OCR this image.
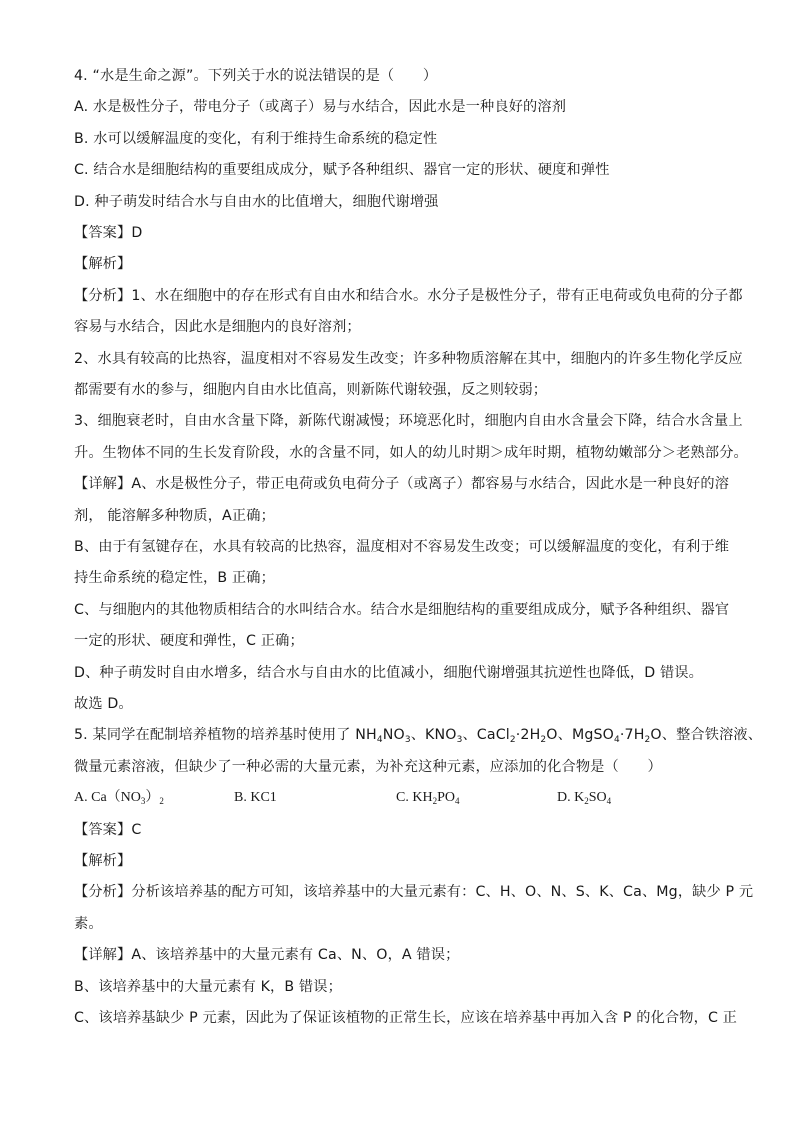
4. “水是生命之源”。下列关于水的说法错误的是（　　）
A. 水是极性分子，带电分子（或离子）易与水结合，因此水是一种良好的溶剂
B. 水可以缓解温度的变化，有利于维持生命系统的稳定性
C. 结合水是细胞结构的重要组成成分，赋予各种组织、器官一定的形状、硬度和弹性
D. 种子萌发时结合水与自由水的比值增大，细胞代谢增强
【答案】D
【解析】
【分析】1、水在细胞中的存在形式有自由水和结合水。水分子是极性分子，带有正电荷或负电荷的分子都
容易与水结合，因此水是细胞内的良好溶剂；
2、水具有较高的比热容，温度相对不容易发生改变；许多种物质溶解在其中，细胞内的许多生物化学反应
都需要有水的参与，细胞内自由水比值高，则新陈代谢较强，反之则较弱；
3、细胞衰老时，自由水含量下降，新陈代谢减慢；环境恶化时，细胞内自由水含量会下降，结合水含量上
升。生物体不同的生长发育阶段，水的含量不同，如人的幼儿时期＞成年时期，植物幼嫩部分＞老熟部分。
【详解】A、水是极性分子，带正电荷或负电荷分子（或离子）都容易与水结合，因此水是一种良好的溶
剂， 能溶解多种物质，A正确；
B、由于有氢键存在，水具有较高的比热容，温度相对不容易发生改变；可以缓解温度的变化，有利于维
持生命系统的稳定性，B 正确；
C、与细胞内的其他物质相结合的水叫结合水。结合水是细胞结构的重要组成成分，赋予各种组织、器官
一定的形状、硬度和弹性，C 正确；
D、种子萌发时自由水增多，结合水与自由水的比值减小，细胞代谢增强其抗逆性也降低，D 错误。
故选 D。
5. 某同学在配制培养植物的培养基时使用了 $NH_4NO_3$、$KNO_3$、$CaCl_2\cdot 2H_2O$、$MgSO_4\cdot 7H_2O$、整合铁溶液、
微量元素溶液，但缺少了一种必需的大量元素，为补充这种元素，应添加的化合物是（　　）
A. $Ca(NO_3)_2$	B. KC1	C. $KH_2PO_4$	D. $K_2SO_4$
【答案】C
【解析】
【分析】分析该培养基的配方可知，该培养基中的大量元素有：C、H、O、N、S、K、Ca、Mg，缺少 P 元
素。
【详解】A、该培养基中的大量元素有 Ca、N、O，A 错误；
B、该培养基中的大量元素有 K，B 错误；
C、该培养基缺少 P 元素，因此为了保证该植物的正常生长，应该在培养基中再加入含 P 的化合物，C 正
